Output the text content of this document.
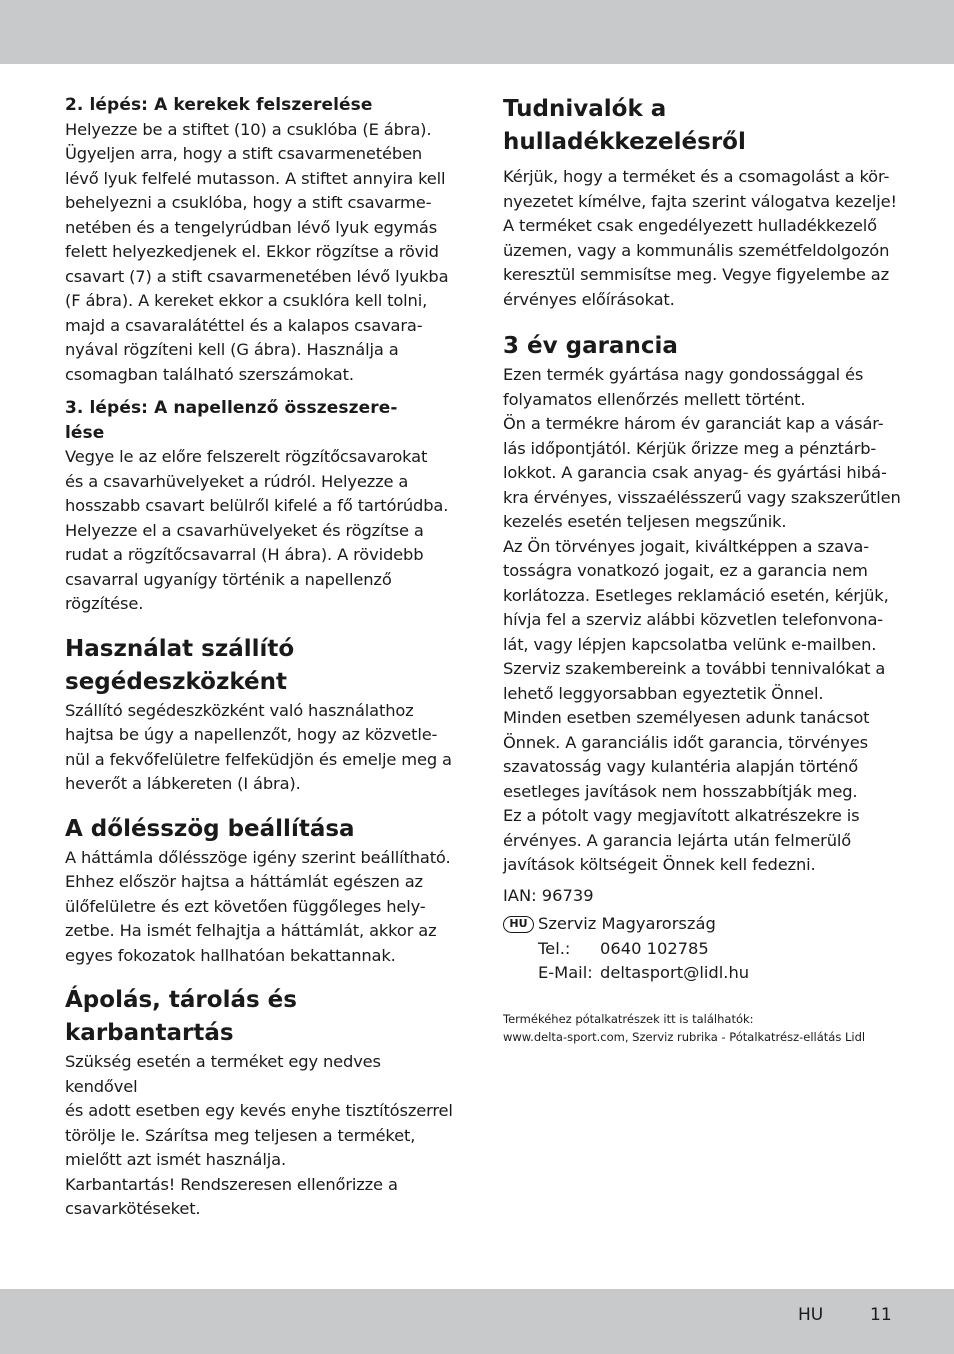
2. lépés: A kerekek felszerelése

Helyezze be a stiftet (10) a csuklóba (E ábra).
Ügyeljen arra, hogy a stift csavarmenetében
lévő lyuk felfelé mutasson. A stiftet annyira kell
behelyezni a csuklóba, hogy a stift csavarme-
netében és a tengelyrúdban lévő lyuk egymás
felett helyezkedjenek el. Ekkor rögzítse a rövid
csavart (7) a stift csavarmenetében lévő lyukba
(F ábra). A kereket ekkor a csuklóra kell tolni,
majd a csavaralátéttel és a kalapos csavara-
nyával rögzíteni kell (G ábra). Használja a
csomagban található szerszámokat.

3. lépés: A napellenző összeszere-
lése

Vegye le az előre felszerelt rögzítőcsavarokat
és a csavarhüvelyeket a rúdról. Helyezze a
hosszabb csavart belülről kifelé a fő tartórúdba.
Helyezze el a csavarhüvelyeket és rögzítse a
rudat a rögzítőcsavarral (H ábra). A rövidebb
csavarral ugyanígy történik a napellenző
rögzítése.

Használat szállító
segédeszközként

Szállító segédeszközként való használathoz
hajtsa be úgy a napellenzőt, hogy az közvetle-
nül a fekvőfelületre felfeküdjön és emelje meg a
heverőt a lábkereten (I ábra).

A dőlésszög beállítása

A háttámla dőlésszöge igény szerint beállítható.
Ehhez először hajtsa a háttámlát egészen az
ülőfelületre és ezt követően függőleges hely-
zetbe. Ha ismét felhajtja a háttámlát, akkor az
egyes fokozatok hallhatóan bekattannak.

Ápolás, tárolás és
karbantartás

Szükség esetén a terméket egy nedves kendővel
és adott esetben egy kevés enyhe tisztítószerrel
törölje le. Szárítsa meg teljesen a terméket,
mielőtt azt ismét használja.
Karbantartás! Rendszeresen ellenőrizze a
csavarkötéseket.

Tudnivalók a
hulladékkezelésről

Kérjük, hogy a terméket és a csomagolást a kör-
nyezetet kímélve, fajta szerint válogatva kezelje!
A terméket csak engedélyezett hulladékkezelő
üzemen, vagy a kommunális szemétfeldolgozón
keresztül semmisítse meg. Vegye figyelembe az
érvényes előírásokat.

3 év garancia

Ezen termék gyártása nagy gondossággal és
folyamatos ellenőrzés mellett történt.
Ön a termékre három év garanciát kap a vásár-
lás időpontjától. Kérjük őrizze meg a pénztárb-
lokkot. A garancia csak anyag- és gyártási hibá-
kra érvényes, visszaélésszerű vagy szakszerűtlen
kezelés esetén teljesen megszűnik.
Az Ön törvényes jogait, kiváltképpen a szava-
tosságra vonatkozó jogait, ez a garancia nem
korlátozza. Esetleges reklamáció esetén, kérjük,
hívja fel a szerviz alábbi közvetlen telefonvona-
lát, vagy lépjen kapcsolatba velünk e-mailben.
Szerviz szakembereink a további tennivalókat a
lehető leggyorsabban egyeztetik Önnel.
Minden esetben személyesen adunk tanácsot
Önnek. A garanciális időt garancia, törvényes
szavatosság vagy kulantéria alapján történő
esetleges javítások nem hosszabbítják meg.
Ez a pótolt vagy megjavított alkatrészekre is
érvényes. A garancia lejárta után felmerülő
javítások költségeit Önnek kell fedezni.

IAN: 96739

HU Szerviz Magyarország
Tel.:	0640 102785
E-Mail: deltasport@lidl.hu

Termékéhez pótalkatrészek itt is találhatók:
www.delta-sport.com, Szerviz rubrika - Pótalkatrész-ellátás Lidl

HU	11
